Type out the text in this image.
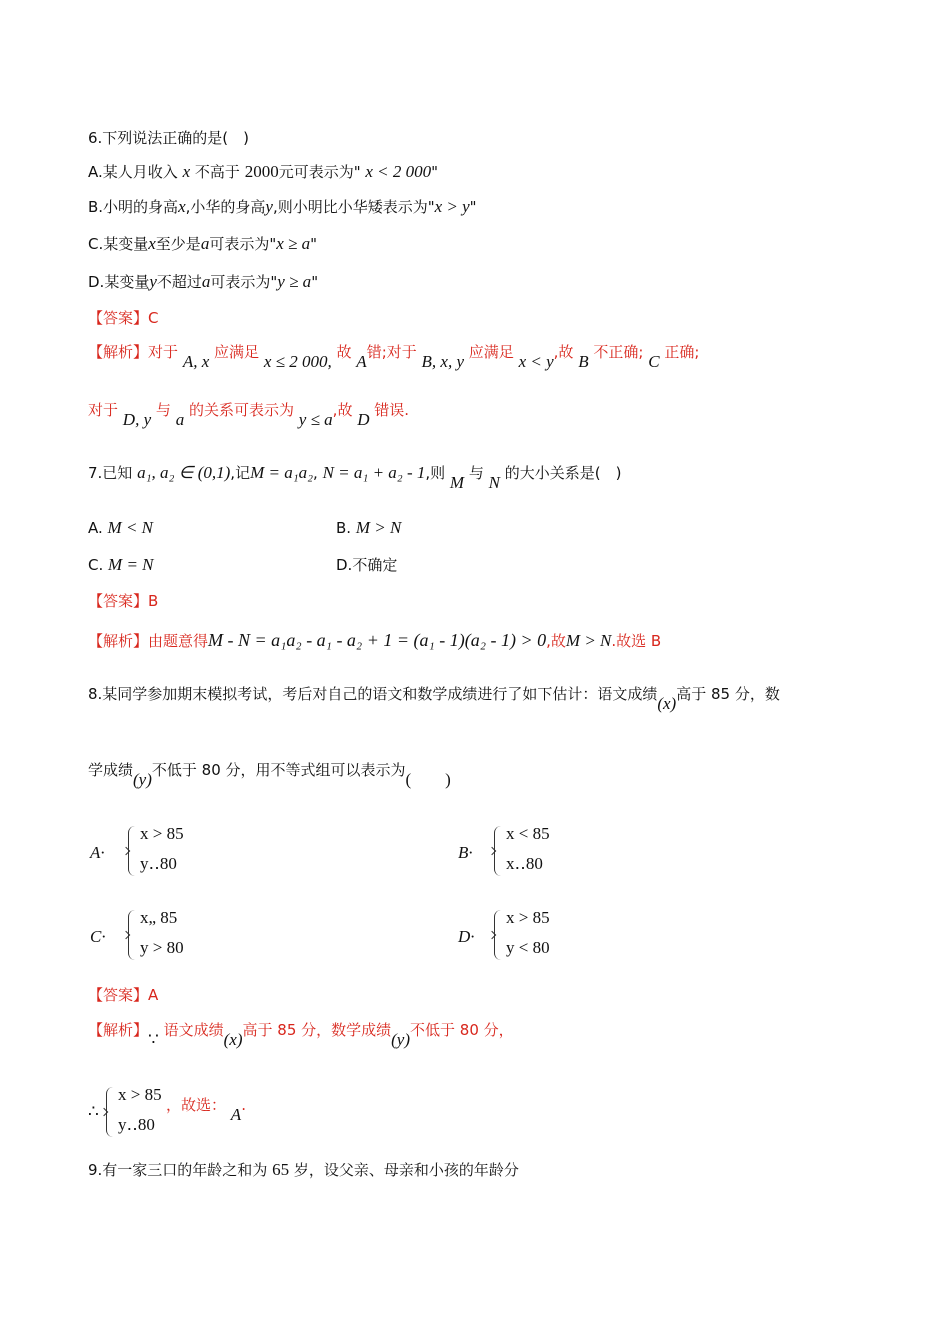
6.下列说法正确的是(　)
A.某人月收入 x 不高于 2000元可表示为" x < 2 000"
B.小明的身高x,小华的身高y,则小明比小华矮表示为"x > y"
C.某变量x至少是a可表示为"x ≥ a"
D.某变量y不超过a可表示为"y ≥ a"
【答案】C
【解析】对于 A, x 应满足 x ≤ 2 000, 故 A错;对于 B, x, y 应满足 x < y,故 B 不正确; C 正确;
对于 D, y 与 a 的关系可表示为 y ≤ a,故 D 错误.
7.已知 a₁, a₂ ∈ (0,1),记M = a₁a₂, N = a₁ + a₂ - 1,则 M 与 N 的大小关系是(　)
A. M < N	B. M > N
C. M = N	D.不确定
【答案】B
【解析】由题意得M - N = a₁a₂ - a₁ - a₂ + 1 = (a₁ - 1)(a₂ - 1) > 0,故M > N.故选 B
8.某同学参加期末模拟考试，考后对自己的语文和数学成绩进行了如下估计：语文成绩(x)高于 85 分，数
学成绩(y)不低于 80 分，用不等式组可以表示为(　　)
A·
x > 85
y‥80
B·
x < 85
x‥80
C·
x„ 85
y > 80
D·
x > 85
y < 80
【答案】A
【解析】∵ 语文成绩(x)高于 85 分，数学成绩(y)不低于 80 分，
∴
x > 85
y‥80
，故选： A.
9.有一家三口的年龄之和为 65 岁，设父亲、母亲和小孩的年龄分
